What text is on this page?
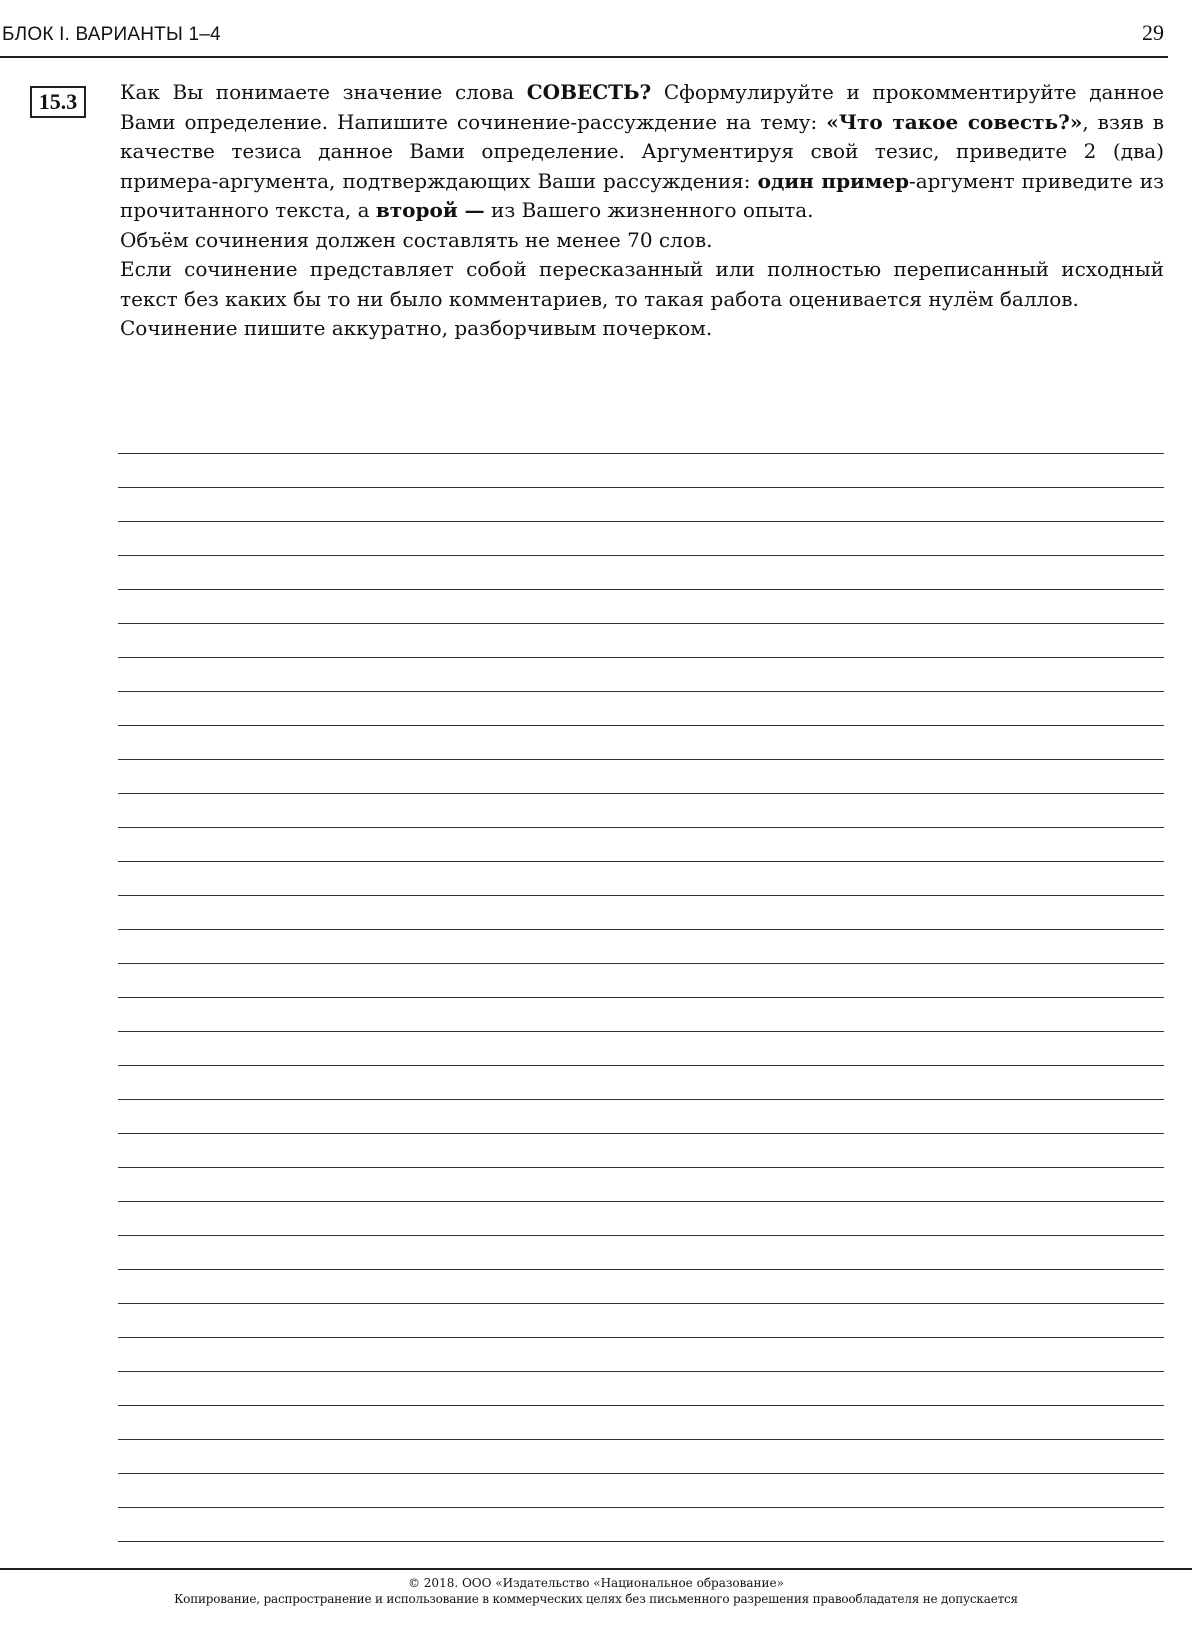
БЛОК I. ВАРИАНТЫ 1–4	29
15.3	Как Вы понимаете значение слова СОВЕСТЬ? Сформулируйте и прокомментируйте данное Вами определение. Напишите сочинение-рассуждение на тему: «Что такое совесть?», взяв в качестве тезиса данное Вами определение. Аргументируя свой тезис, приведите 2 (два) примера-аргумента, подтверждающих Ваши рассуждения: один пример-аргумент приведите из прочитанного текста, а второй — из Вашего жизненного опыта.

Объём сочинения должен составлять не менее 70 слов.

Если сочинение представляет собой пересказанный или полностью переписанный исходный текст без каких бы то ни было комментариев, то такая работа оценивается нулём баллов.

Сочинение пишите аккуратно, разборчивым почерком.

© 2018. ООО «Издательство «Национальное образование»
Копирование, распространение и использование в коммерческих целях без письменного разрешения правообладателя не допускается
